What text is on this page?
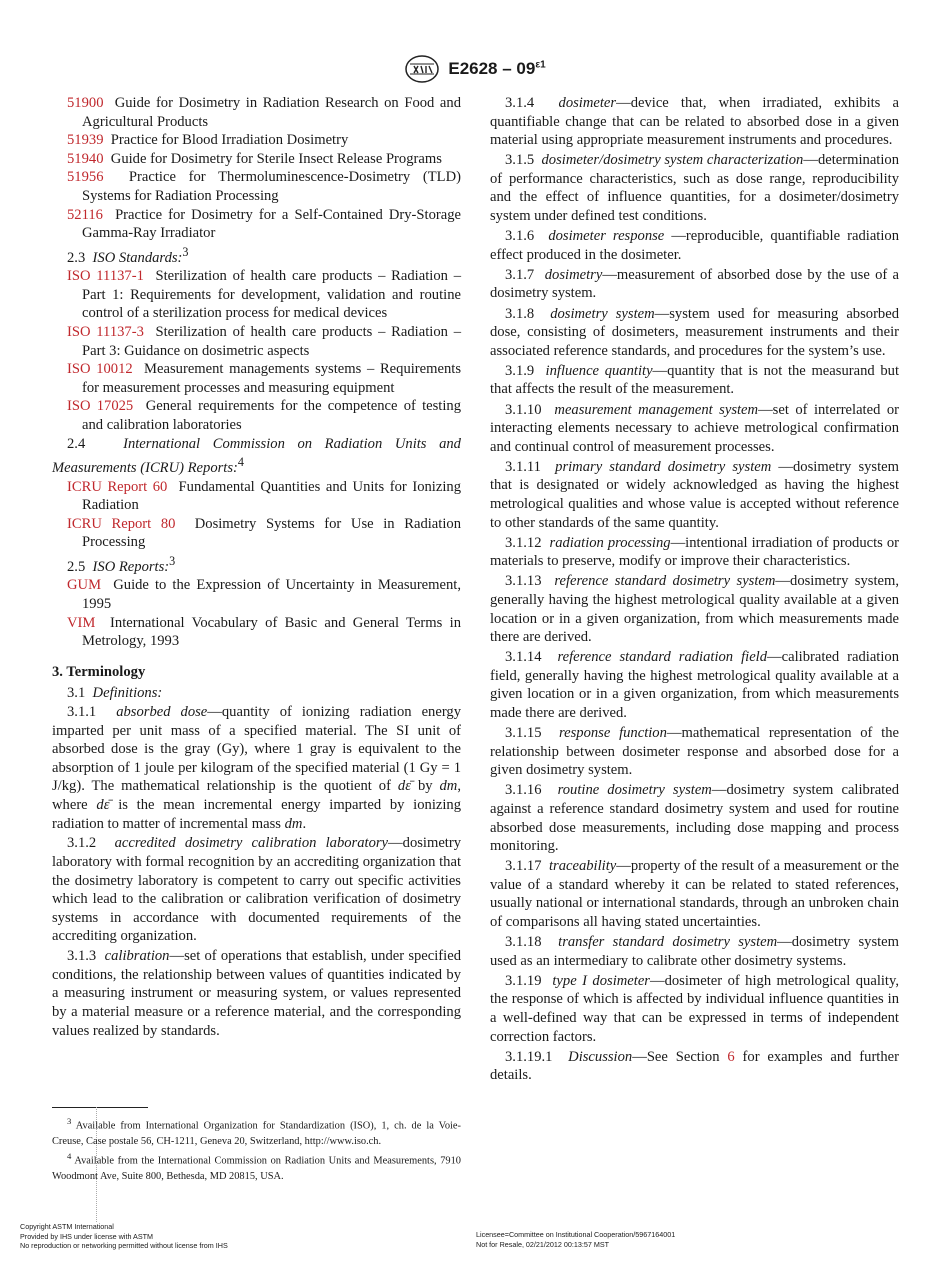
$E2628 - 09^{\varepsilon 1}$

51900 Guide for Dosimetry in Radiation Research on Food and Agricultural Products

51939 Practice for Blood Irradiation Dosimetry

51940 Guide for Dosimetry for Sterile Insect Release Programs

51956 Practice for Thermoluminescence-Dosimetry (TLD) Systems for Radiation Processing

52116 Practice for Dosimetry for a Self-Contained Dry-Storage Gamma-Ray Irradiator

2.3 ISO Standards:$^3$

ISO 11137-1 Sterilization of health care products – Radiation – Part 1: Requirements for development, validation and routine control of a sterilization process for medical devices

ISO 11137-3 Sterilization of health care products – Radiation – Part 3: Guidance on dosimetric aspects

ISO 10012 Measurement managements systems – Requirements for measurement processes and measuring equipment

ISO 17025 General requirements for the competence of testing and calibration laboratories

2.4	International Commission on Radiation Units and Measurements (ICRU) Reports:$^4$

ICRU Report 60 Fundamental Quantities and Units for Ionizing Radiation

ICRU Report 80 Dosimetry Systems for Use in Radiation Processing

2.5 ISO Reports:$^3$

GUM Guide to the Expression of Uncertainty in Measurement, 1995

VIM International Vocabulary of Basic and General Terms in Metrology, 1993

3. Terminology

3.1 Definitions:

3.1.1 absorbed dose—quantity of ionizing radiation energy imparted per unit mass of a specified material. The SI unit of absorbed dose is the gray (Gy), where 1 gray is equivalent to the absorption of 1 joule per kilogram of the specified material (1 Gy = 1 J/kg). The mathematical relationship is the quotient of dε̄ by dm, where dε̄ is the mean incremental energy imparted by ionizing radiation to matter of incremental mass dm.

3.1.2 accredited dosimetry calibration laboratory—dosimetry laboratory with formal recognition by an accrediting organization that the dosimetry laboratory is competent to carry out specific activities which lead to the calibration or calibration verification of dosimetry systems in accordance with documented requirements of the accrediting organization.

3.1.3 calibration—set of operations that establish, under specified conditions, the relationship between values of quantities indicated by a measuring instrument or measuring system, or values represented by a material measure or a reference material, and the corresponding values realized by standards.

3.1.4 dosimeter—device that, when irradiated, exhibits a quantifiable change that can be related to absorbed dose in a given material using appropriate measurement instruments and procedures.

3.1.5 dosimeter/dosimetry system characterization—determination of performance characteristics, such as dose range, reproducibility and the effect of influence quantities, for a dosimeter/dosimetry system under defined test conditions.

3.1.6 dosimeter response —reproducible, quantifiable radiation effect produced in the dosimeter.

3.1.7 dosimetry—measurement of absorbed dose by the use of a dosimetry system.

3.1.8 dosimetry system—system used for measuring absorbed dose, consisting of dosimeters, measurement instruments and their associated reference standards, and procedures for the system’s use.

3.1.9 influence quantity—quantity that is not the measurand but that affects the result of the measurement.

3.1.10 measurement management system—set of interrelated or interacting elements necessary to achieve metrological confirmation and continual control of measurement processes.

3.1.11 primary standard dosimetry system —dosimetry system that is designated or widely acknowledged as having the highest metrological qualities and whose value is accepted without reference to other standards of the same quantity.

3.1.12 radiation processing—intentional irradiation of products or materials to preserve, modify or improve their characteristics.

3.1.13 reference standard dosimetry system—dosimetry system, generally having the highest metrological quality available at a given location or in a given organization, from which measurements made there are derived.

3.1.14 reference standard radiation field—calibrated radiation field, generally having the highest metrological quality available at a given location or in a given organization, from which measurements made there are derived.

3.1.15 response function—mathematical representation of the relationship between dosimeter response and absorbed dose for a given dosimetry system.

3.1.16 routine dosimetry system—dosimetry system calibrated against a reference standard dosimetry system and used for routine absorbed dose measurements, including dose mapping and process monitoring.

3.1.17 traceability—property of the result of a measurement or the value of a standard whereby it can be related to stated references, usually national or international standards, through an unbroken chain of comparisons all having stated uncertainties.

3.1.18 transfer standard dosimetry system—dosimetry system used as an intermediary to calibrate other dosimetry systems.

3.1.19 type I dosimeter—dosimeter of high metrological quality, the response of which is affected by individual influence quantities in a well-defined way that can be expressed in terms of independent correction factors.

3.1.19.1 Discussion—See Section 6 for examples and further details.

$^3$ Available from International Organization for Standardization (ISO), 1, ch. de la Voie-Creuse, Case postale 56, CH-1211, Geneva 20, Switzerland, http://www.iso.ch.

$^4$ Available from the International Commission on Radiation Units and Measurements, 7910 Woodmont Ave, Suite 800, Bethesda, MD 20815, USA.

Copyright ASTM International
Provided by IHS under license with ASTM
No reproduction or networking permitted without license from IHS
Licensee=Committee on Institutional Cooperation/5967164001
Not for Resale, 02/21/2012 00:13:57 MST
